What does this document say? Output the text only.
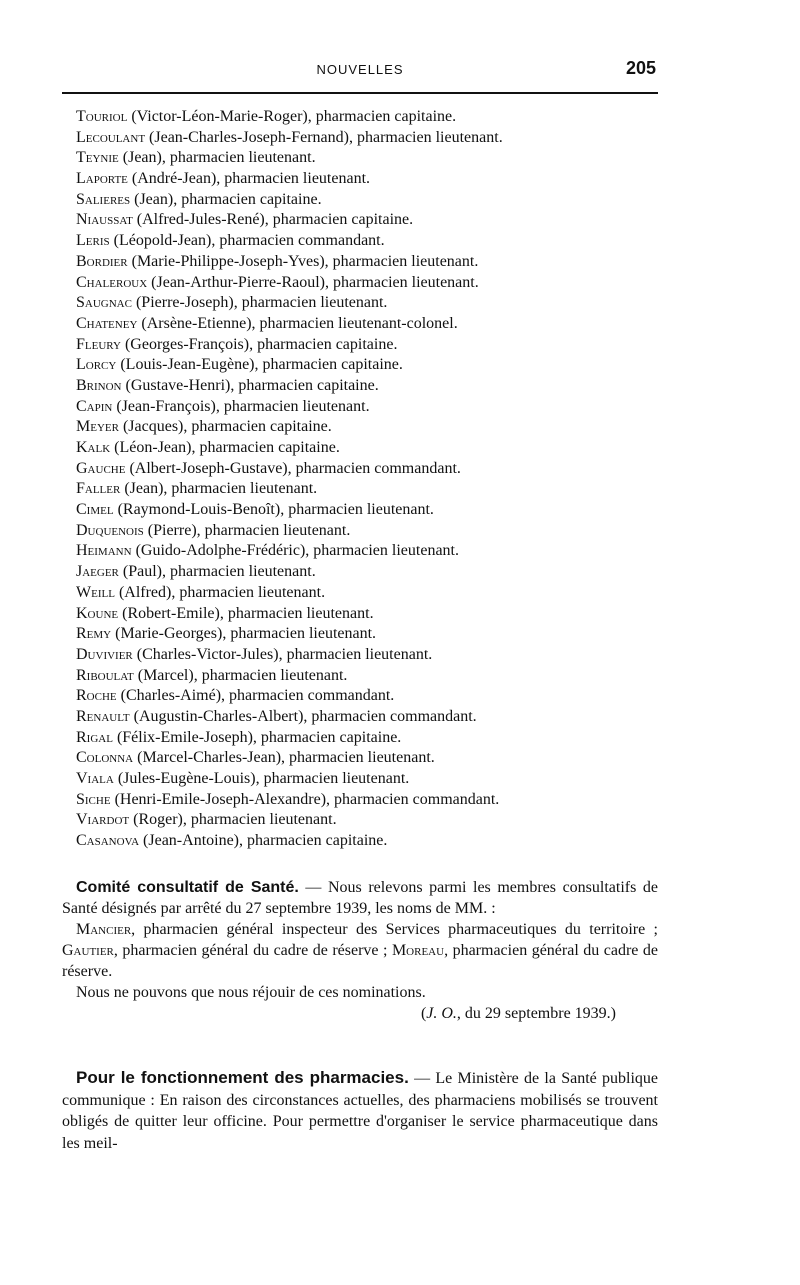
NOUVELLES	205
Touriol (Victor-Léon-Marie-Roger), pharmacien capitaine.
Lecoulant (Jean-Charles-Joseph-Fernand), pharmacien lieutenant.
Teynie (Jean), pharmacien lieutenant.
Laporte (André-Jean), pharmacien lieutenant.
Salieres (Jean), pharmacien capitaine.
Niaussat (Alfred-Jules-René), pharmacien capitaine.
Leris (Léopold-Jean), pharmacien commandant.
Bordier (Marie-Philippe-Joseph-Yves), pharmacien lieutenant.
Chaleroux (Jean-Arthur-Pierre-Raoul), pharmacien lieutenant.
Saugnac (Pierre-Joseph), pharmacien lieutenant.
Chateney (Arsène-Etienne), pharmacien lieutenant-colonel.
Fleury (Georges-François), pharmacien capitaine.
Lorcy (Louis-Jean-Eugène), pharmacien capitaine.
Brinon (Gustave-Henri), pharmacien capitaine.
Capin (Jean-François), pharmacien lieutenant.
Meyer (Jacques), pharmacien capitaine.
Kalk (Léon-Jean), pharmacien capitaine.
Gauche (Albert-Joseph-Gustave), pharmacien commandant.
Faller (Jean), pharmacien lieutenant.
Cimel (Raymond-Louis-Benoît), pharmacien lieutenant.
Duquenois (Pierre), pharmacien lieutenant.
Heimann (Guido-Adolphe-Frédéric), pharmacien lieutenant.
Jaeger (Paul), pharmacien lieutenant.
Weill (Alfred), pharmacien lieutenant.
Koune (Robert-Emile), pharmacien lieutenant.
Remy (Marie-Georges), pharmacien lieutenant.
Duvivier (Charles-Victor-Jules), pharmacien lieutenant.
Riboulat (Marcel), pharmacien lieutenant.
Roche (Charles-Aimé), pharmacien commandant.
Renault (Augustin-Charles-Albert), pharmacien commandant.
Rigal (Félix-Emile-Joseph), pharmacien capitaine.
Colonna (Marcel-Charles-Jean), pharmacien lieutenant.
Viala (Jules-Eugène-Louis), pharmacien lieutenant.
Siche (Henri-Emile-Joseph-Alexandre), pharmacien commandant.
Viardot (Roger), pharmacien lieutenant.
Casanova (Jean-Antoine), pharmacien capitaine.

Comité consultatif de Santé. — Nous relevons parmi les membres consultatifs de Santé désignés par arrêté du 27 septembre 1939, les noms de MM. :

Mancier, pharmacien général inspecteur des Services pharmaceutiques du territoire ; Gautier, pharmacien général du cadre de réserve ; Moreau, pharmacien général du cadre de réserve.

Nous ne pouvons que nous réjouir de ces nominations.

(J. O., du 29 septembre 1939.)

Pour le fonctionnement des pharmacies. — Le Ministère de la Santé publique communique : En raison des circonstances actuelles, des pharmaciens mobilisés se trouvent obligés de quitter leur officine. Pour permettre d'organiser le service pharmaceutique dans les meil-
